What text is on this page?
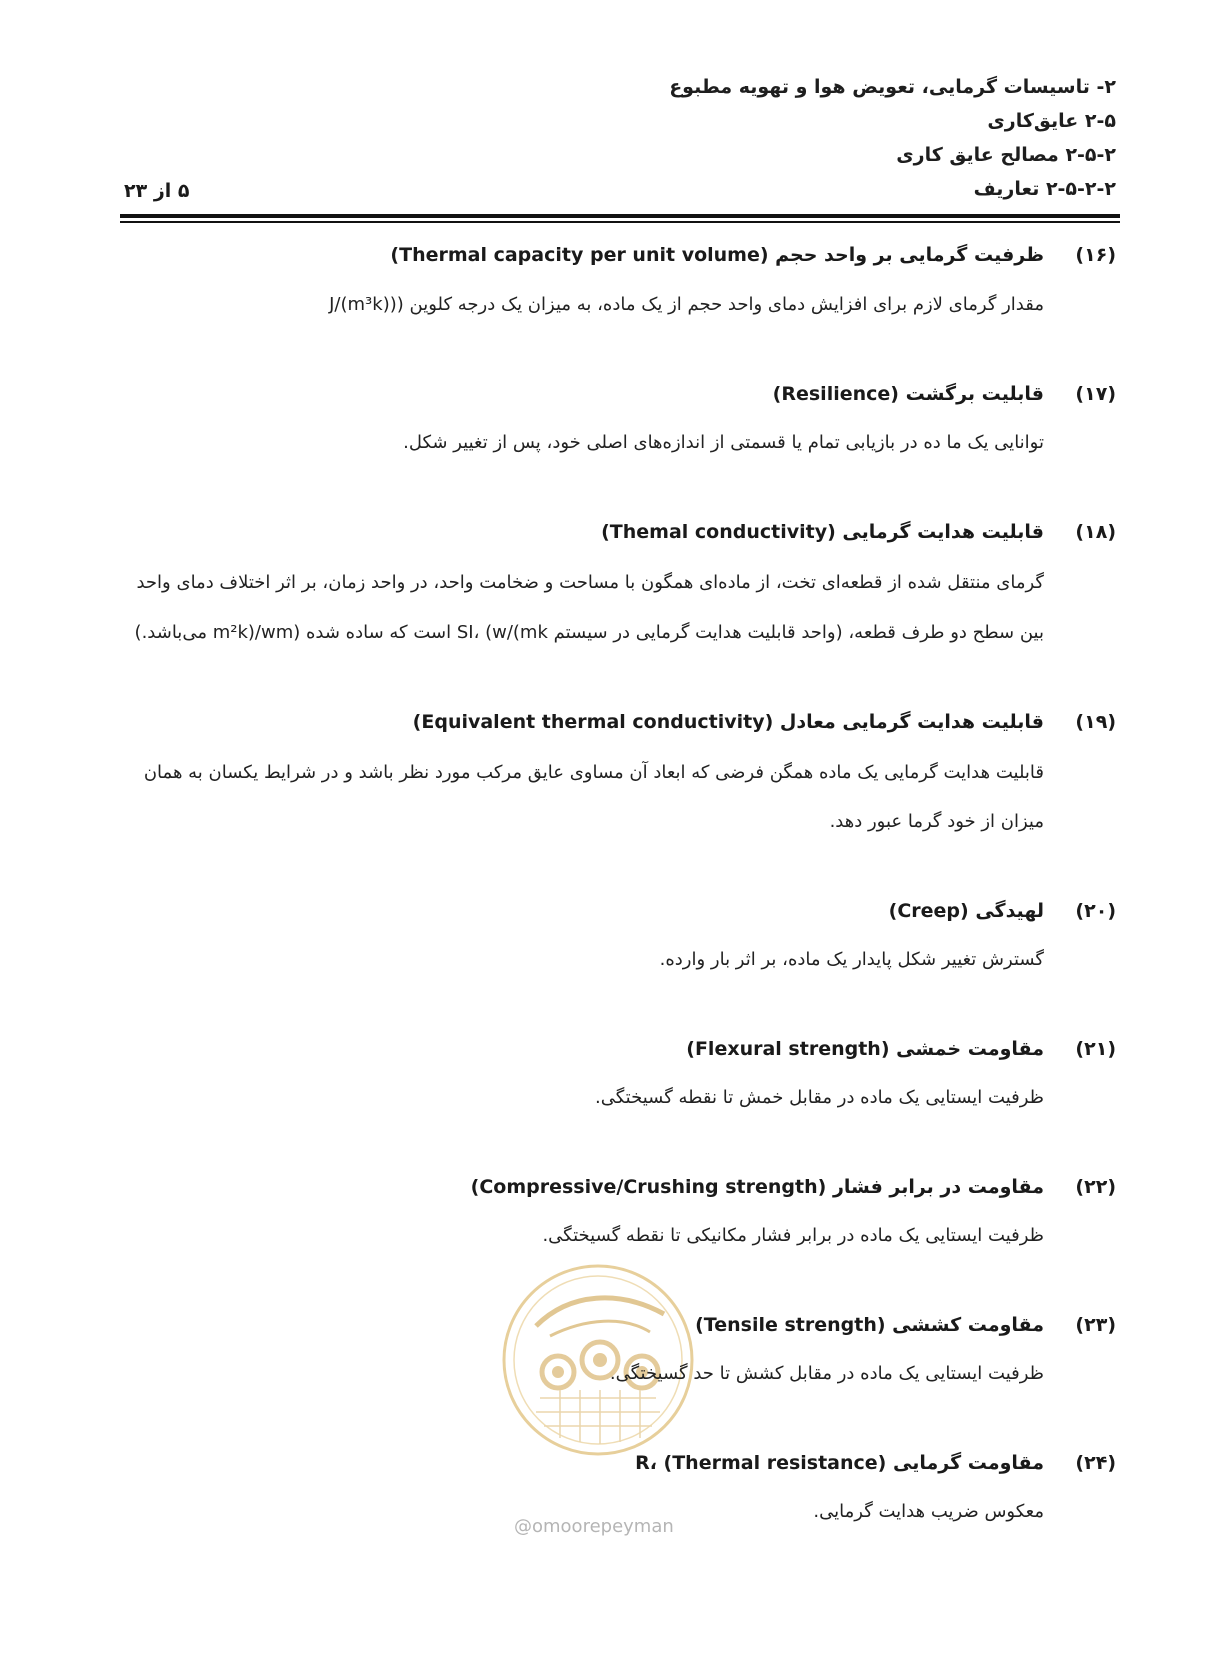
۲- تاسیسات گرمایی، تعویض هوا و تهویه مطبوع
۲-۵ عایق‌کاری
۲-۵-۲ مصالح عایق کاری
۲-۵-۲-۲ تعاریف
۵ از ۲۳
(۱۶)
ظرفیت گرمایی بر واحد حجم (Thermal capacity per unit volume)
مقدار گرمای لازم برای افزایش دمای واحد حجم از یک ماده، به میزان یک درجه کلوین ((J/(m³k)
(۱۷)
قابلیت برگشت (Resilience)
توانایی یک ما ده در بازیابی تمام یا قسمتی از اندازه‌های اصلی خود، پس از تغییر شکل.
(۱۸)
قابلیت هدایت گرمایی (Themal conductivity)
گرمای منتقل شده از قطعه‌ای تخت، از ماده‌ای همگون با مساحت و ضخامت واحد، در واحد زمان، بر اثر اختلاف دمای واحد
بین سطح دو طرف قطعه، (واحد قابلیت هدایت گرمایی در سیستم SI، (w/(mk است که ساده شده (wm/(m²k می‌باشد.)
(۱۹)
قابلیت هدایت گرمایی معادل (Equivalent thermal conductivity)
قابلیت هدایت گرمایی یک ماده همگن فرضی که ابعاد آن مساوی عایق مرکب مورد نظر باشد و در شرایط یکسان به همان
میزان از خود گرما عبور دهد.
(۲۰)
لهیدگی (Creep)
گسترش تغییر شکل پایدار یک ماده، بر اثر بار وارده.
(۲۱)
مقاومت خمشی (Flexural strength)
ظرفیت ایستایی یک ماده در مقابل خمش تا نقطه گسیختگی.
(۲۲)
مقاومت در برابر فشار (Compressive/Crushing strength)
ظرفیت ایستایی یک ماده در برابر فشار مکانیکی تا نقطه گسیختگی.
(۲۳)
مقاومت کششی (Tensile strength)
ظرفیت ایستایی یک ماده در مقابل کشش تا حد گسیختگی.
@omoorepeyman
(۲۴)
مقاومت گرمایی R، (Thermal resistance)
معکوس ضریب هدایت گرمایی.
